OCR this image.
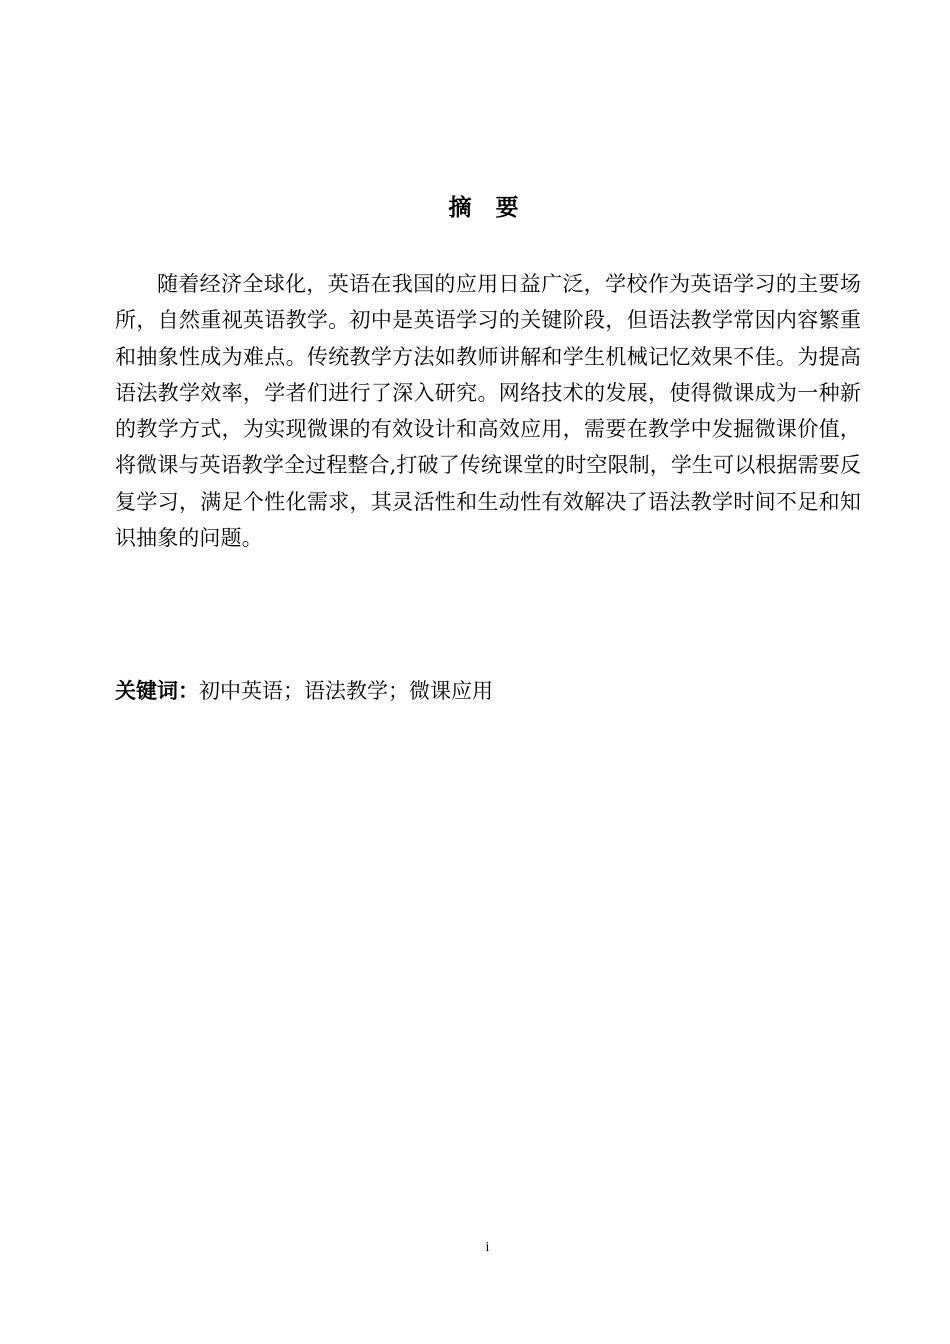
摘 要

随着经济全球化，英语在我国的应用日益广泛，学校作为英语学习的主要场所，自然重视英语教学。初中是英语学习的关键阶段，但语法教学常因内容繁重和抽象性成为难点。传统教学方法如教师讲解和学生机械记忆效果不佳。为提高语法教学效率，学者们进行了深入研究。网络技术的发展，使得微课成为一种新的教学方式，为实现微课的有效设计和高效应用，需要在教学中发掘微课价值，将微课与英语教学全过程整合,打破了传统课堂的时空限制，学生可以根据需要反复学习，满足个性化需求，其灵活性和生动性有效解决了语法教学时间不足和知识抽象的问题。

关键词：初中英语；语法教学；微课应用
i
